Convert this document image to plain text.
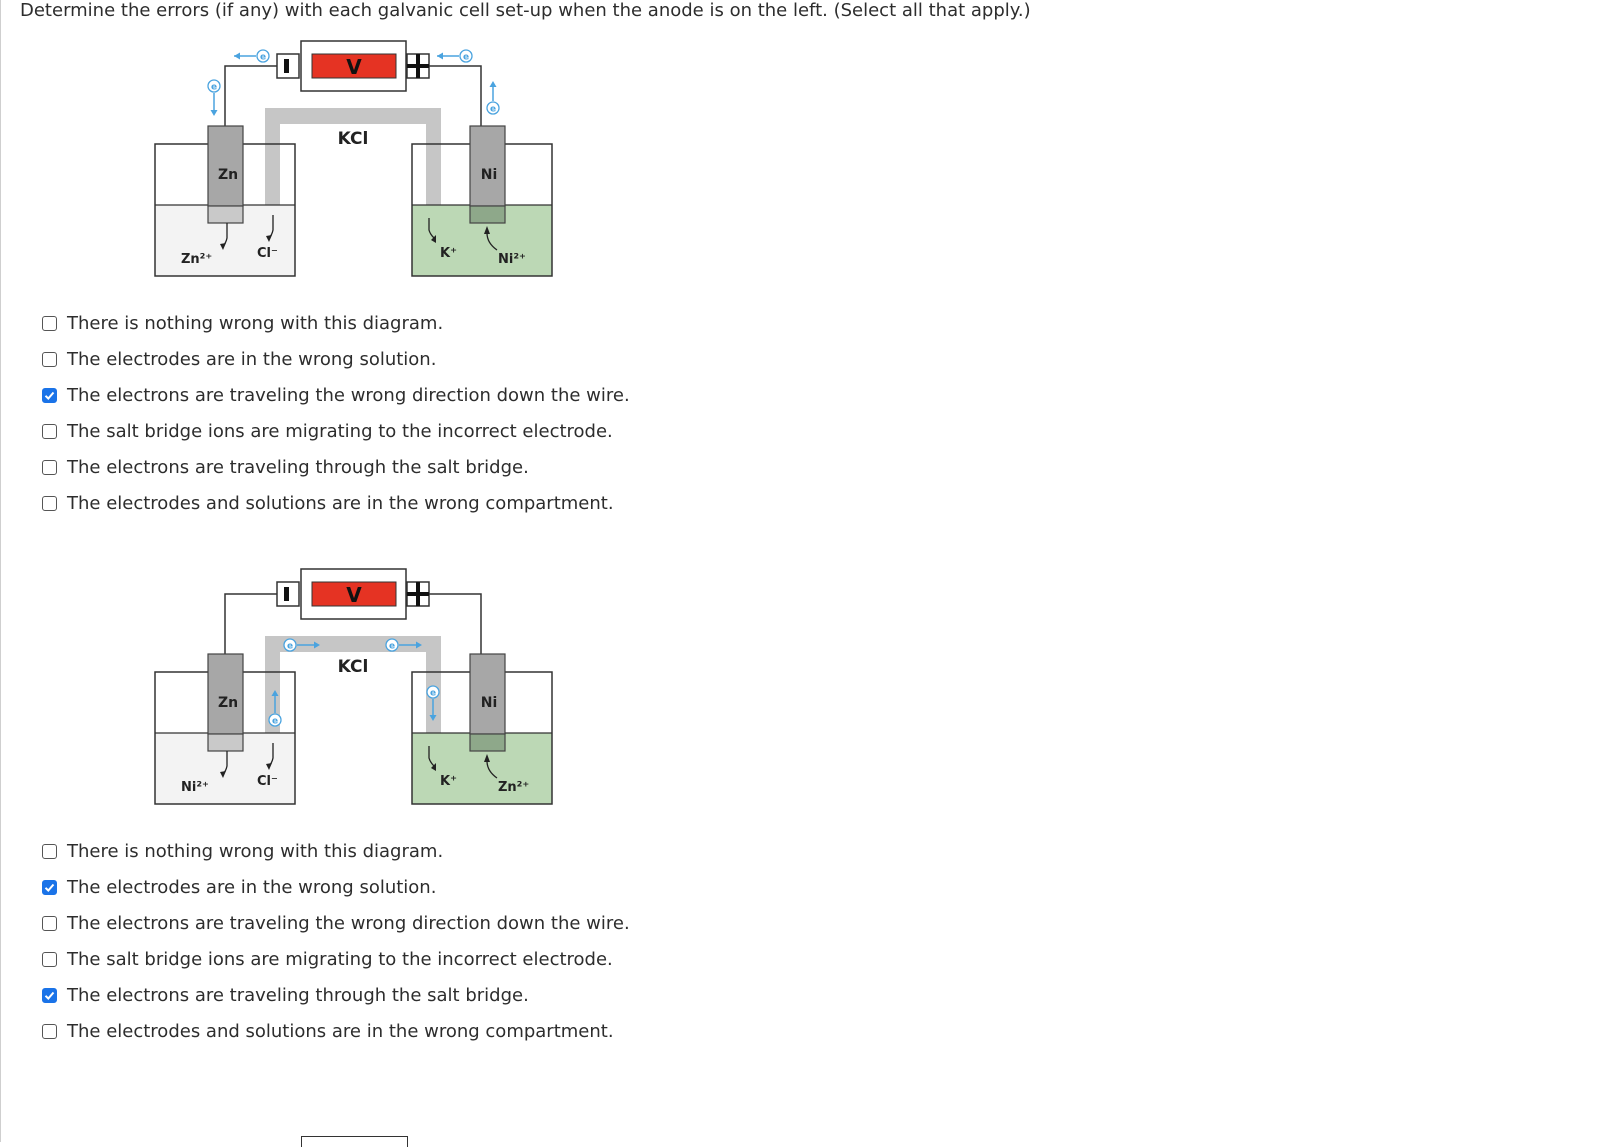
Determine the errors (if any) with each galvanic cell set-up when the anode is on the left. (Select all that apply.)
V
KCl
Zn	Ni
Zn²⁺	Cl⁻	K⁺	Ni²⁺
e	e
e
e
There is nothing wrong with this diagram.
The electrodes are in the wrong solution.
The electrons are traveling the wrong direction down the wire.
The salt bridge ions are migrating to the incorrect electrode.
The electrons are traveling through the salt bridge.
The electrodes and solutions are in the wrong compartment.
V
KCl
Zn	Ni
Ni²⁺	Cl⁻	K⁺	Zn²⁺
e	e
e
e
There is nothing wrong with this diagram.
The electrodes are in the wrong solution.
The electrons are traveling the wrong direction down the wire.
The salt bridge ions are migrating to the incorrect electrode.
The electrons are traveling through the salt bridge.
The electrodes and solutions are in the wrong compartment.
